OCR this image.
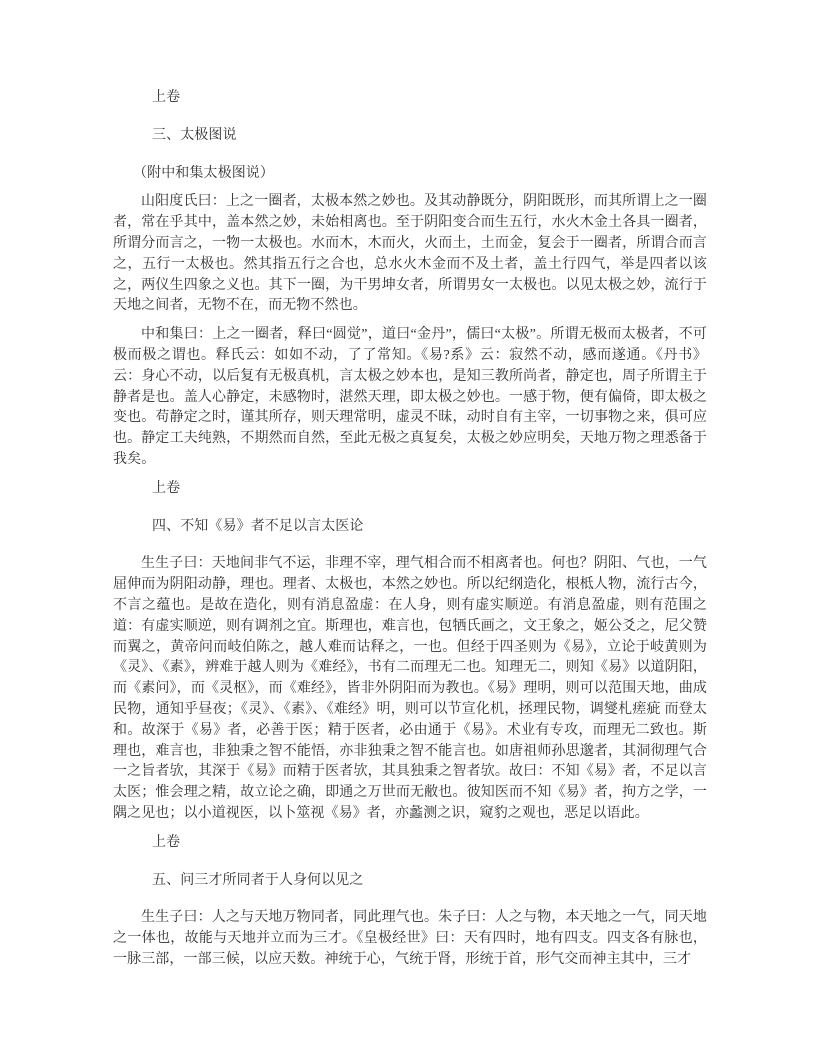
上卷

三、太极图说

（附中和集太极图说）

山阳度氏曰：上之一圈者，太极本然之妙也。及其动静既分，阴阳既形，而其所谓上之一圈者，常在乎其中，盖本然之妙，未始相离也。至于阴阳变合而生五行，水火木金土各具一圈者，所谓分而言之，一物一太极也。水而木，木而火，火而土，土而金，复会于一圈者，所谓合而言之，五行一太极也。然其指五行之合也，总水火木金而不及土者，盖土行四气，举是四者以该之，两仪生四象之义也。其下一圈，为干男坤女者，所谓男女一太极也。以见太极之妙，流行于天地之间者，无物不在，而无物不然也。

中和集曰：上之一圈者，释曰“圆觉”，道曰“金丹”，儒曰“太极”。所谓无极而太极者，不可极而极之谓也。释氏云：如如不动，了了常知。《易?系》云：寂然不动，感而遂通。《丹书》云：身心不动，以后复有无极真机，言太极之妙本也，是知三教所尚者，静定也，周子所谓主于静者是也。盖人心静定，未感物时，湛然天理，即太极之妙也。一感于物，便有偏倚，即太极之变也。苟静定之时，谨其所存，则天理常明，虚灵不昧，动时自有主宰，一切事物之来，俱可应也。静定工夫纯熟，不期然而自然，至此无极之真复矣，太极之妙应明矣，天地万物之理悉备于我矣。

上卷

四、不知《易》者不足以言太医论

生生子曰：天地间非气不运，非理不宰，理气相合而不相离者也。何也？阴阳、气也，一气屈伸而为阴阳动静，理也。理者、太极也，本然之妙也。所以纪纲造化，根柢人物，流行古今，不言之蕴也。是故在造化，则有消息盈虚：在人身，则有虚实顺逆。有消息盈虚，则有范围之道：有虚实顺逆，则有调剂之宜。斯理也，难言也，包牺氏画之，文王象之，姬公爻之，尼父赞而翼之，黄帝问而岐伯陈之，越人难而诂释之，一也。但经于四圣则为《易》，立论于岐黄则为《灵》、《素》，辨难于越人则为《难经》，书有二而理无二也。知理无二，则知《易》以道阴阳，而《素问》，而《灵枢》，而《难经》，皆非外阴阳而为教也。《易》理明，则可以范围天地，曲成民物，通知乎昼夜；《灵》、《素》、《难经》明，则可以节宣化机，拯理民物，调燮札瘥疵 而登太和。故深于《易》者，必善于医；精于医者，必由通于《易》。术业有专攻，而理无二致也。斯理也，难言也，非独秉之智不能悟，亦非独秉之智不能言也。如唐祖师孙思邈者，其洞彻理气合一之旨者欤，其深于《易》而精于医者欤，其具独秉之智者欤。故曰：不知《易》者，不足以言太医；惟会理之精，故立论之确，即通之万世而无敝也。彼知医而不知《易》者，拘方之学，一隅之见也；以小道视医，以卜筮视《易》者，亦蠡测之识，窥豹之观也，恶足以语此。

上卷

五、问三才所同者于人身何以见之

生生子曰：人之与天地万物同者，同此理气也。朱子曰：人之与物，本天地之一气，同天地之一体也，故能与天地并立而为三才。《皇极经世》曰：天有四时，地有四支。四支各有脉也，一脉三部，一部三候，以应天数。神统于心，气统于肾，形统于首，形气交而神主其中，三才
